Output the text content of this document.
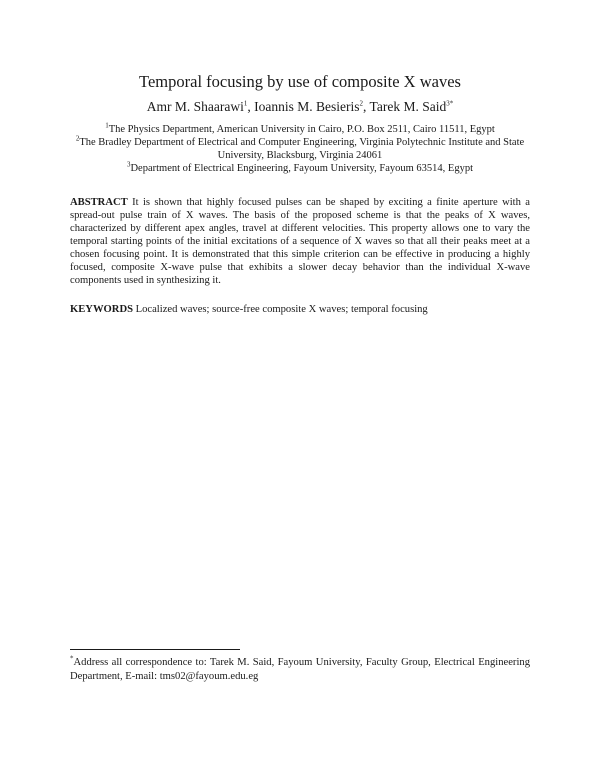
Temporal focusing by use of composite X waves
Amr M. Shaarawi$^1$, Ioannis M. Besieris$^2$, Tarek M. Said$^{3*}$
$^1$The Physics Department, American University in Cairo, P.O. Box 2511, Cairo 11511, Egypt
$^2$The Bradley Department of Electrical and Computer Engineering, Virginia Polytechnic Institute and State University, Blacksburg, Virginia 24061
$^3$Department of Electrical Engineering, Fayoum University, Fayoum 63514, Egypt
ABSTRACT It is shown that highly focused pulses can be shaped by exciting a finite aperture with a spread-out pulse train of X waves. The basis of the proposed scheme is that the peaks of X waves, characterized by different apex angles, travel at different velocities. This property allows one to vary the temporal starting points of the initial excitations of a sequence of X waves so that all their peaks meet at a chosen focusing point. It is demonstrated that this simple criterion can be effective in producing a highly focused, composite X-wave pulse that exhibits a slower decay behavior than the individual X-wave components used in synthesizing it.
KEYWORDS Localized waves; source-free composite X waves; temporal focusing
*Address all correspondence to: Tarek M. Said, Fayoum University, Faculty Group, Electrical Engineering Department, E-mail: tms02@fayoum.edu.eg
